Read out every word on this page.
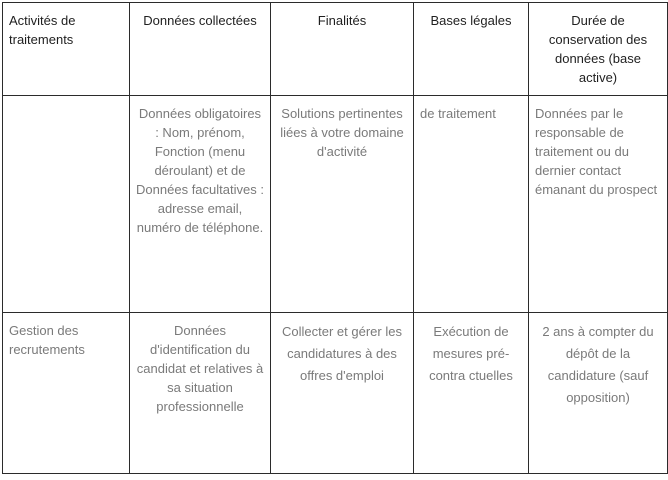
Activités de traitements	Données collectées	Finalités	Bases légales	Durée de conservation des données (base active)
	Données obligatoires : Nom, prénom, Fonction (menu déroulant) et de Données facultatives : adresse email, numéro de téléphone.	Solutions pertinentes liées à votre domaine d'activité	de traitement	Données par le responsable de traitement ou du dernier contact émanant du prospect
Gestion des recrutements	Données d'identification du candidat et relatives à sa situation professionnelle	Collecter et gérer les candidatures à des offres d'emploi	Exécution de mesures pré-contra ctuelles	2 ans à compter du dépôt de la candidature (sauf opposition)
